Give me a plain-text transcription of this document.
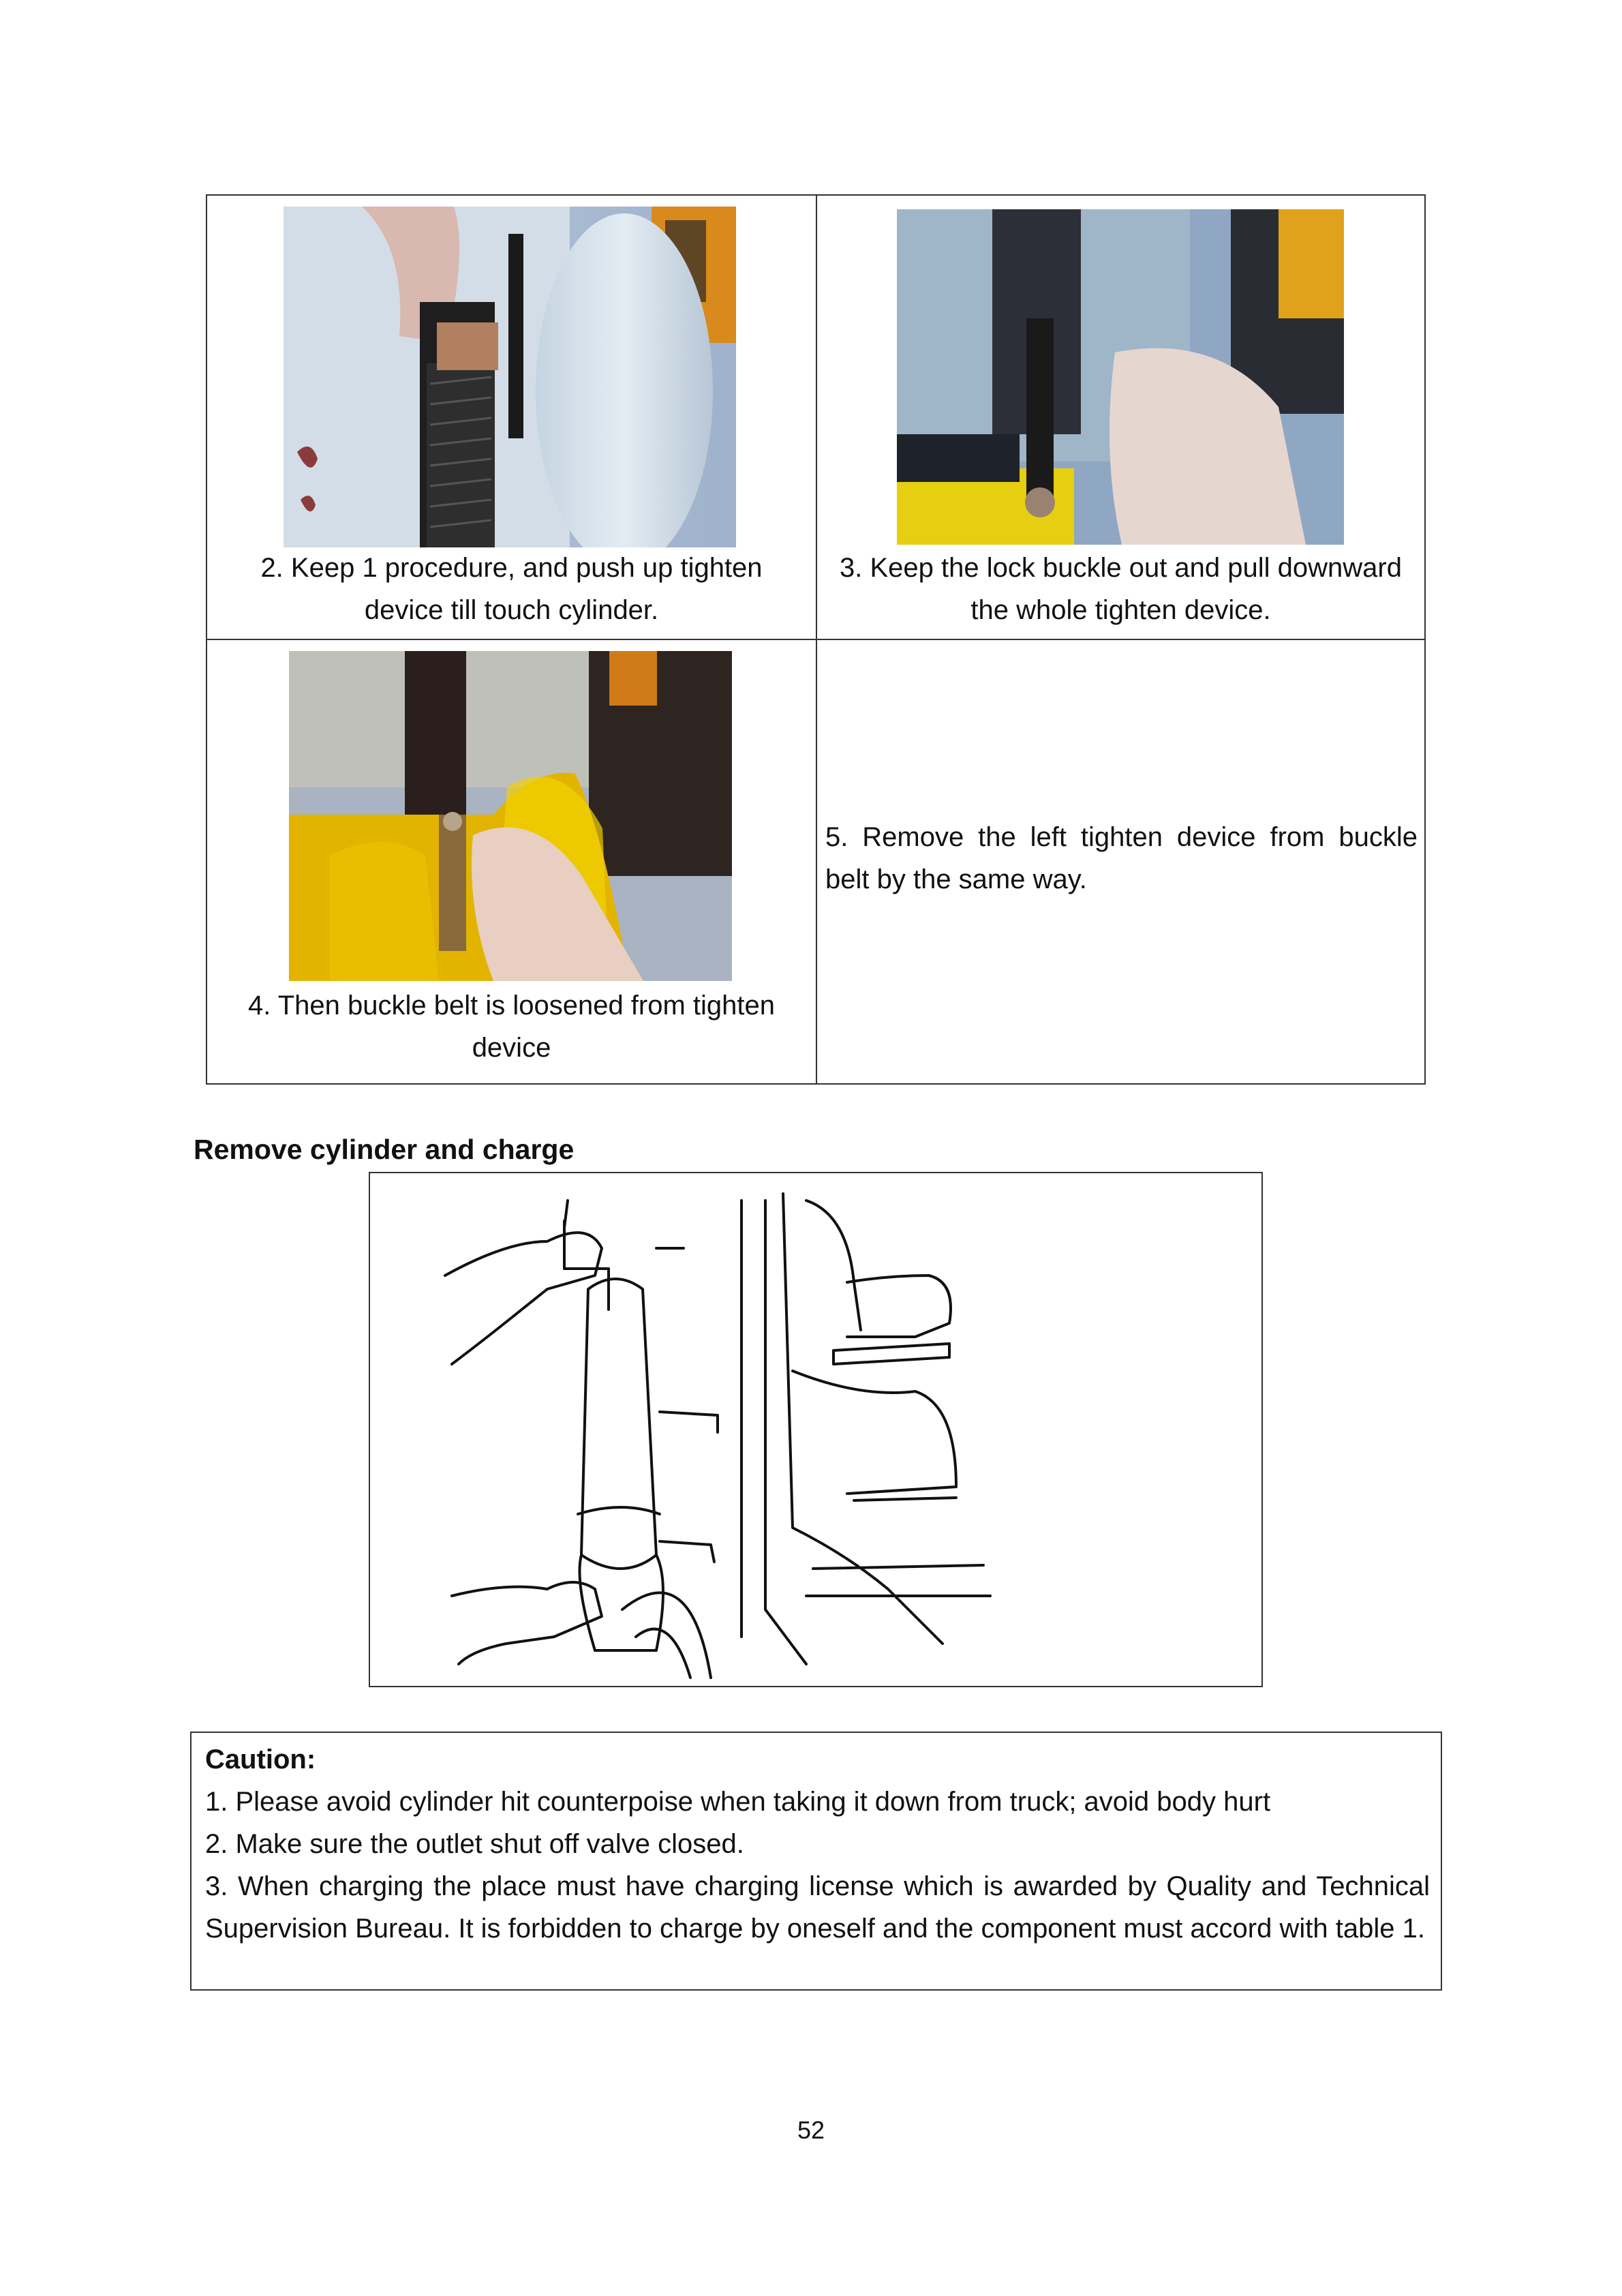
2. Keep 1 procedure, and push up tighten
device till touch cylinder.
3. Keep the lock buckle out and pull downward
the whole tighten device.
4. Then buckle belt is loosened from tighten
device
5. Remove the left tighten device from buckle belt by the same way.
Remove cylinder and charge
Caution:
1. Please avoid cylinder hit counterpoise when taking it down from truck; avoid body hurt
2. Make sure the outlet shut off valve closed.
3. When charging the place must have charging license which is awarded by Quality and Technical Supervision Bureau. It is forbidden to charge by oneself and the component must accord with table 1.
52
